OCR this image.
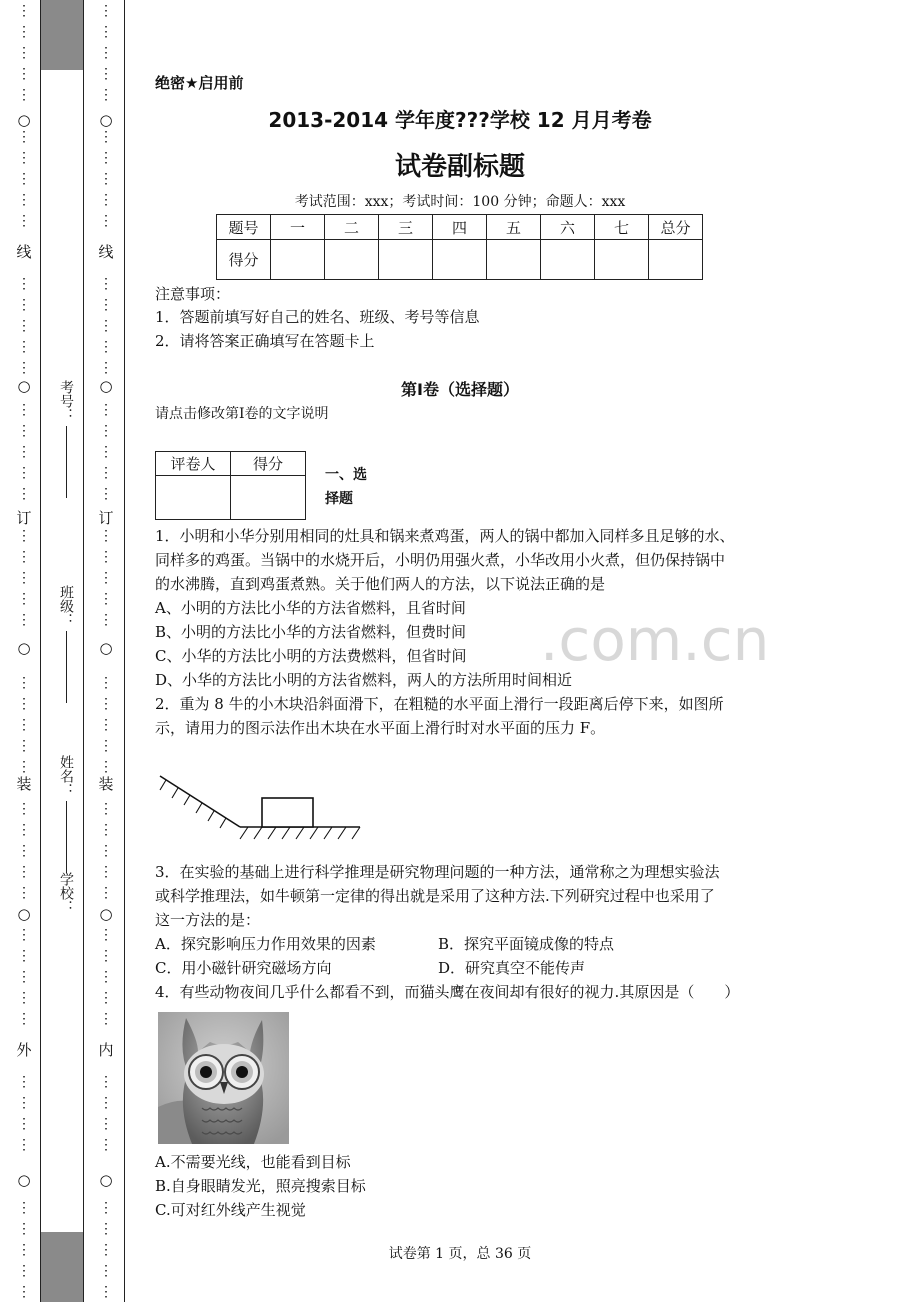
⋮
⋮
⋮
⋮
⋮
⋮
⋮
⋮
⋮
⋮
⋮
⋮
⋮
⋮
⋮
⋮
⋮
⋮
⋮
⋮
⋮
⋮
⋮
⋮
⋮
⋮
⋮
⋮
⋮
⋮
⋮
⋮
⋮
⋮
⋮
⋮
⋮
⋮
⋮
⋮
⋮
⋮
⋮
⋮
⋮
⋮
⋮
⋮
⋮
○
○
○
○
○
线
订
装
外
⋮
⋮
⋮
⋮
⋮
⋮
⋮
⋮
⋮
⋮
⋮
⋮
⋮
⋮
⋮
⋮
⋮
⋮
⋮
⋮
⋮
⋮
⋮
⋮
⋮
⋮
⋮
⋮
⋮
⋮
⋮
⋮
⋮
⋮
⋮
⋮
⋮
⋮
⋮
⋮
⋮
⋮
⋮
⋮
⋮
⋮
⋮
⋮
⋮
○
○
○
○
○
线
订
装
内
考号：
班级：
姓名：
学校：
绝密★启用前
2013-2014 学年度???学校 12 月月考卷
试卷副标题
考试范围：xxx；考试时间：100 分钟；命题人：xxx
题号	一	二	三	四	五	六	七	总分
得分								
注意事项：
1．答题前填写好自己的姓名、班级、考号等信息
2．请将答案正确填写在答题卡上
第Ⅰ卷（选择题）
请点击修改第Ⅰ卷的文字说明
评卷人	得分

一、选
择题
1．小明和小华分别用相同的灶具和锅来煮鸡蛋，两人的锅中都加入同样多且足够的水、
同样多的鸡蛋。当锅中的水烧开后，小明仍用强火煮，小华改用小火煮，但仍保持锅中
的水沸腾，直到鸡蛋煮熟。关于他们两人的方法，以下说法正确的是
A、小明的方法比小华的方法省燃料，且省时间
B、小明的方法比小华的方法省燃料，但费时间
C、小华的方法比小明的方法费燃料，但省时间
D、小华的方法比小明的方法省燃料，两人的方法所用时间相近
2．重为 8 牛的小木块沿斜面滑下，在粗糙的水平面上滑行一段距离后停下来，如图所
示，请用力的图示法作出木块在水平面上滑行时对水平面的压力 F。
3．在实验的基础上进行科学推理是研究物理问题的一种方法，通常称之为理想实验法
或科学推理法，如牛顿第一定律的得出就是采用了这种方法.下列研究过程中也采用了
这一方法的是：
A．探究影响压力作用效果的因素	B．探究平面镜成像的特点
C．用小磁针研究磁场方向	D．研究真空不能传声
4．有些动物夜间几乎什么都看不到，而猫头鹰在夜间却有很好的视力.其原因是（　　）
A.不需要光线，也能看到目标
B.自身眼睛发光，照亮搜索目标
C.可对红外线产生视觉
.com.cn
试卷第 1 页，总 36 页
